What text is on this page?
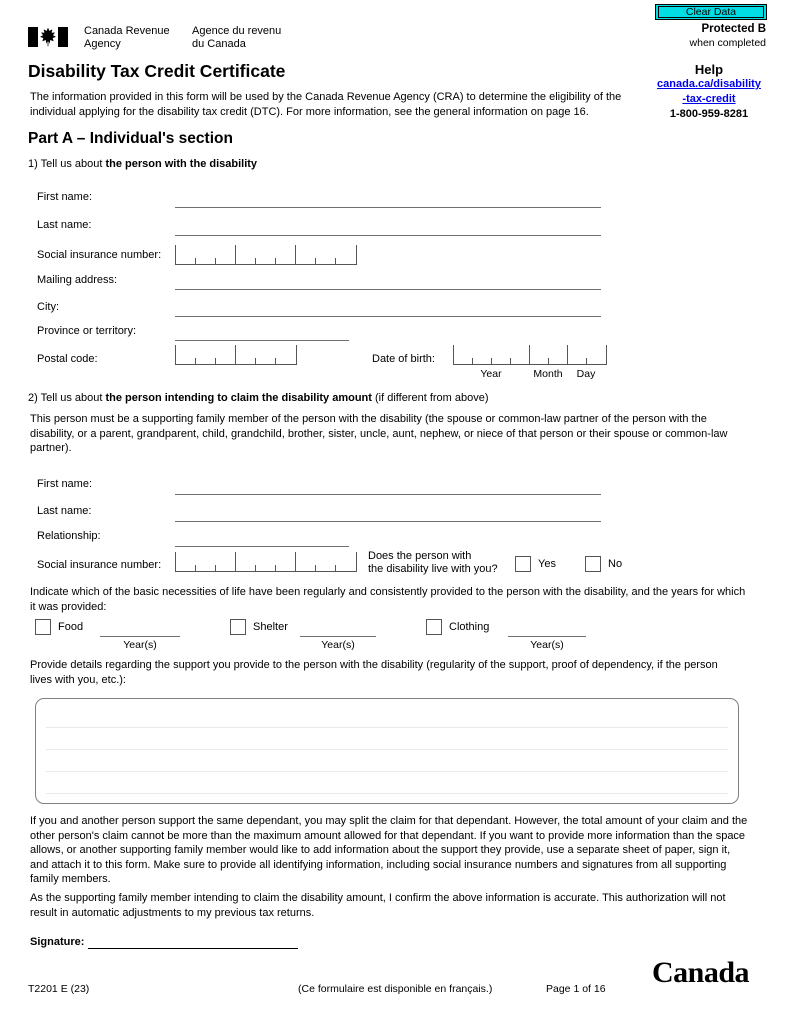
Clear Data
Protected B
when completed
Canada Revenue
Agency
Agence du revenu
du Canada
Disability Tax Credit Certificate	Help
canada.ca/disability
-tax-credit
1-800-959-8281
The information provided in this form will be used by the Canada Revenue Agency (CRA) to determine the eligibility of the individual applying for the disability tax credit (DTC). For more information, see the general information on page 16.
Part A – Individual's section
1) Tell us about the person with the disability
First name:
Last name:
Social insurance number:
Mailing address:
City:
Province or territory:
Postal code:	Date of birth:
Year	Month Day
2) Tell us about the person intending to claim the disability amount (if different from above)
This person must be a supporting family member of the person with the disability (the spouse or common-law partner of the person with the disability, or a parent, grandparent, child, grandchild, brother, sister, uncle, aunt, nephew, or niece of that person or their spouse or common-law partner).
First name:
Last name:
Relationship:
Social insurance number:
Does the person with
the disability live with you?	Yes	No
Indicate which of the basic necessities of life have been regularly and consistently provided to the person with the disability, and the years for which it was provided:
Food
Year(s)
Shelter
Year(s)
Clothing
Year(s)
Provide details regarding the support you provide to the person with the disability (regularity of the support, proof of dependency, if the person lives with you, etc.):
If you and another person support the same dependant, you may split the claim for that dependant. However, the total amount of your claim and the other person's claim cannot be more than the maximum amount allowed for that dependant. If you want to provide more information than the space allows, or another supporting family member would like to add information about the support they provide, use a separate sheet of paper, sign it, and attach it to this form. Make sure to provide all identifying information, including social insurance numbers and signatures from all supporting family members.
As the supporting family member intending to claim the disability amount, I confirm the above information is accurate. This authorization will not result in automatic adjustments to my previous tax returns.
Signature:
T2201 E (23)	(Ce formulaire est disponible en français.)	Page 1 of 16 Canada
